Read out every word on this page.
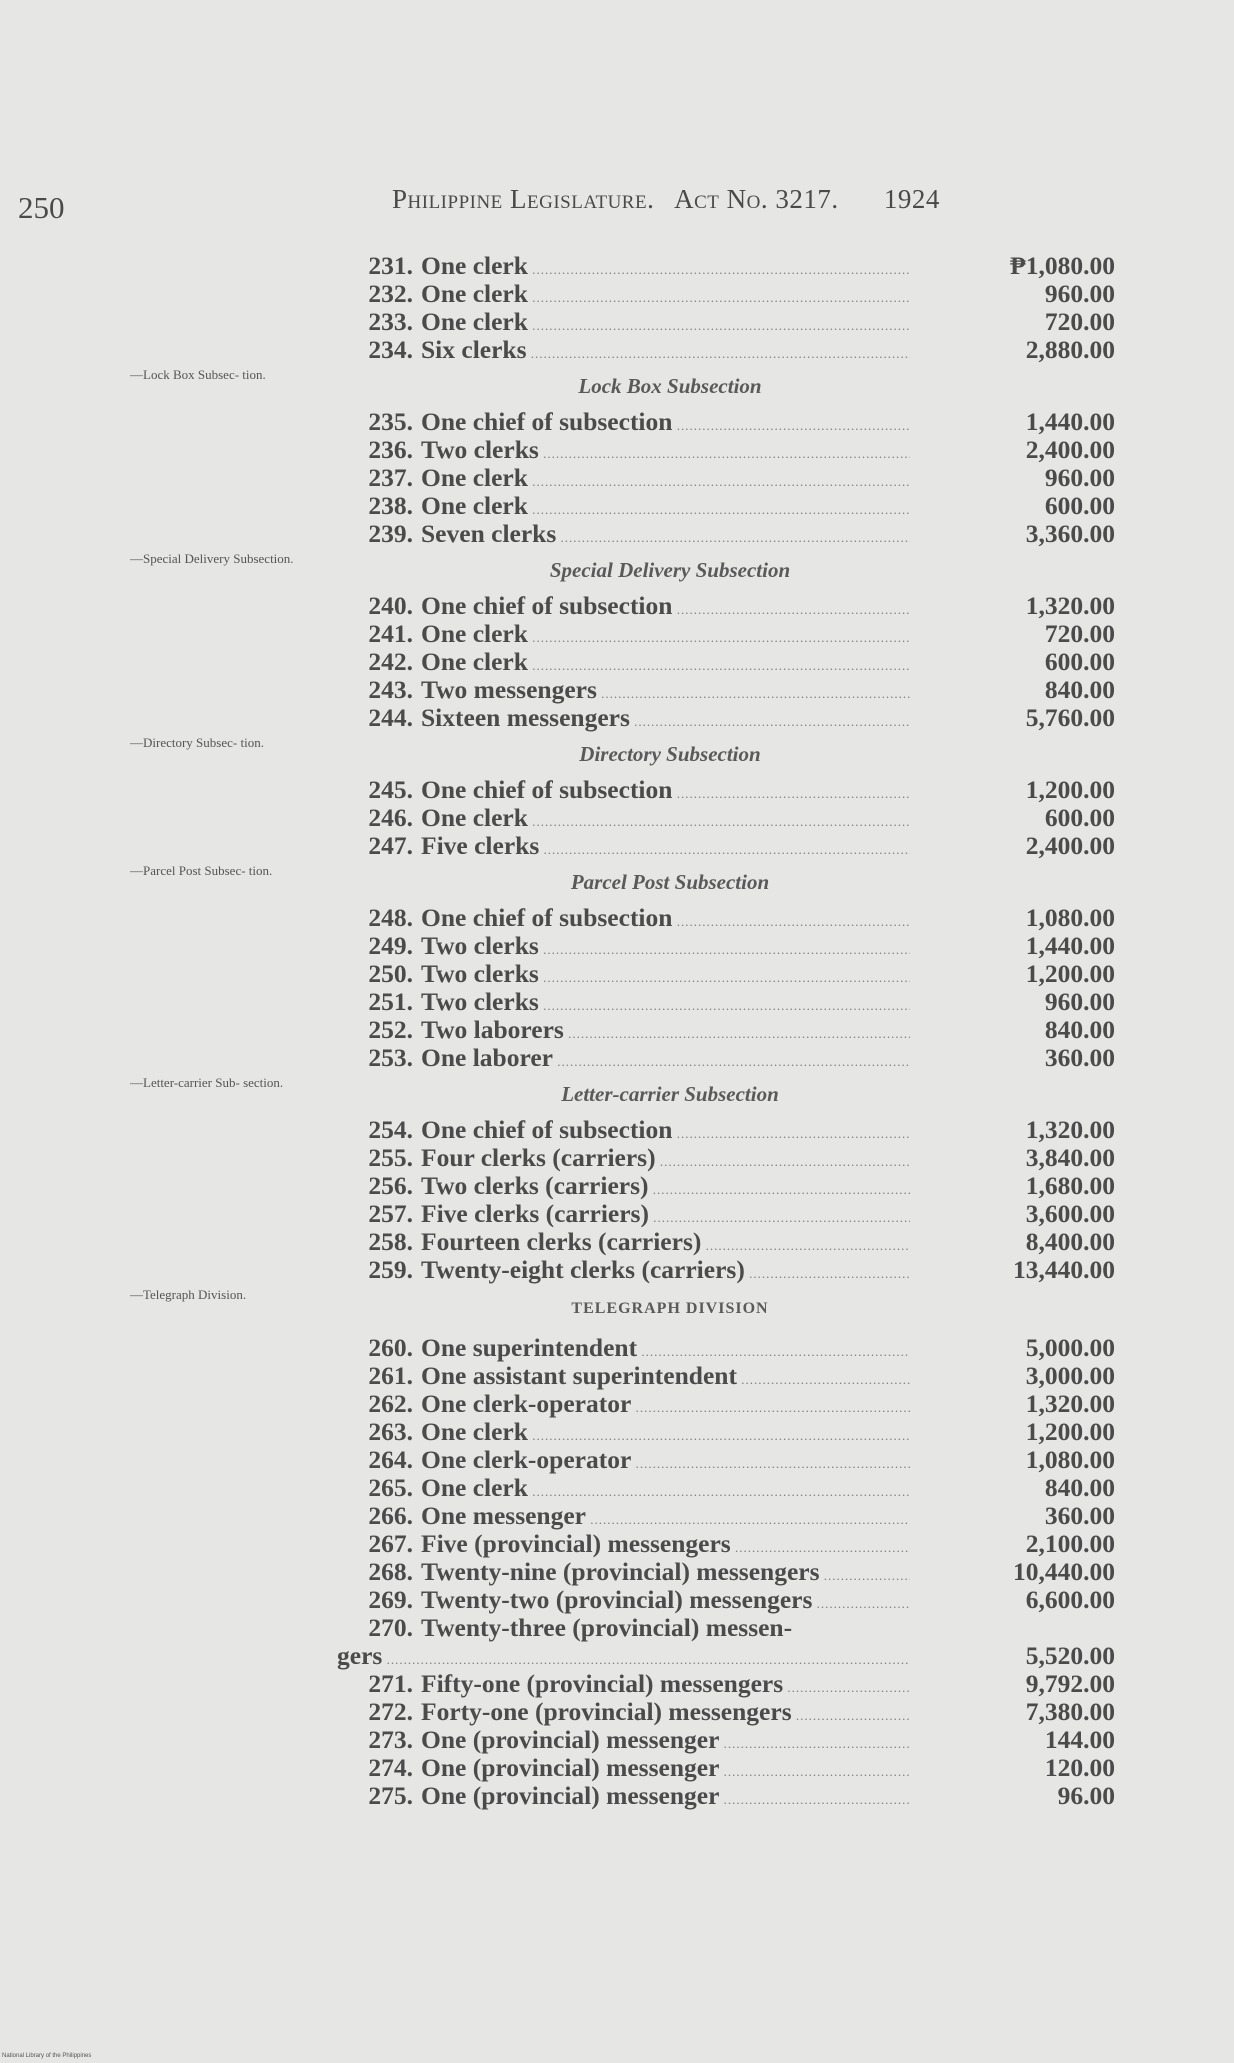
250	Philippine Legislature. Act No. 3217. 1924
231. One clerk .....	₱1,080.00
232. One clerk .....	960.00
233. One clerk .....	720.00
234. Six clerks .....	2,880.00
Lock Box Subsection
235. One chief of subsection .....	1,440.00
236. Two clerks .....	2,400.00
237. One clerk .....	960.00
238. One clerk .....	600.00
239. Seven clerks .....	3,360.00
Special Delivery Subsection
240. One chief of subsection .....	1,320.00
241. One clerk .....	720.00
242. One clerk .....	600.00
243. Two messengers .....	840.00
244. Sixteen messengers .....	5,760.00
Directory Subsection
245. One chief of subsection .....	1,200.00
246. One clerk .....	600.00
247. Five clerks .....	2,400.00
Parcel Post Subsection
248. One chief of subsection .....	1,080.00
249. Two clerks .....	1,440.00
250. Two clerks .....	1,200.00
251. Two clerks .....	960.00
252. Two laborers .....	840.00
253. One laborer .....	360.00
Letter-carrier Subsection
254. One chief of subsection .....	1,320.00
255. Four clerks (carriers) .....	3,840.00
256. Two clerks (carriers) .....	1,680.00
257. Five clerks (carriers) .....	3,600.00
258. Fourteen clerks (carriers) .....	8,400.00
259. Twenty-eight clerks (carriers) .....	13,440.00
TELEGRAPH DIVISION
260. One superintendent .....	5,000.00
261. One assistant superintendent .....	3,000.00
262. One clerk-operator .....	1,320.00
263. One clerk .....	1,200.00
264. One clerk-operator .....	1,080.00
265. One clerk .....	840.00
266. One messenger .....	360.00
267. Five (provincial) messengers .....	2,100.00
268. Twenty-nine (provincial) messengers .....	10,440.00
269. Twenty-two (provincial) messengers .....	6,600.00
270. Twenty-three (provincial) messen-
gers .....	5,520.00
271. Fifty-one (provincial) messengers .....	9,792.00
272. Forty-one (provincial) messengers .....	7,380.00
273. One (provincial) messenger .....	144.00
274. One (provincial) messenger .....	120.00
275. One (provincial) messenger .....	96.00
—Lock Box Subsec- tion.
—Special Delivery Subsection.
—Directory Subsec- tion.
—Parcel Post Subsec- tion.
—Letter-carrier Sub- section.
—Telegraph Division.
National Library of the Philippines
